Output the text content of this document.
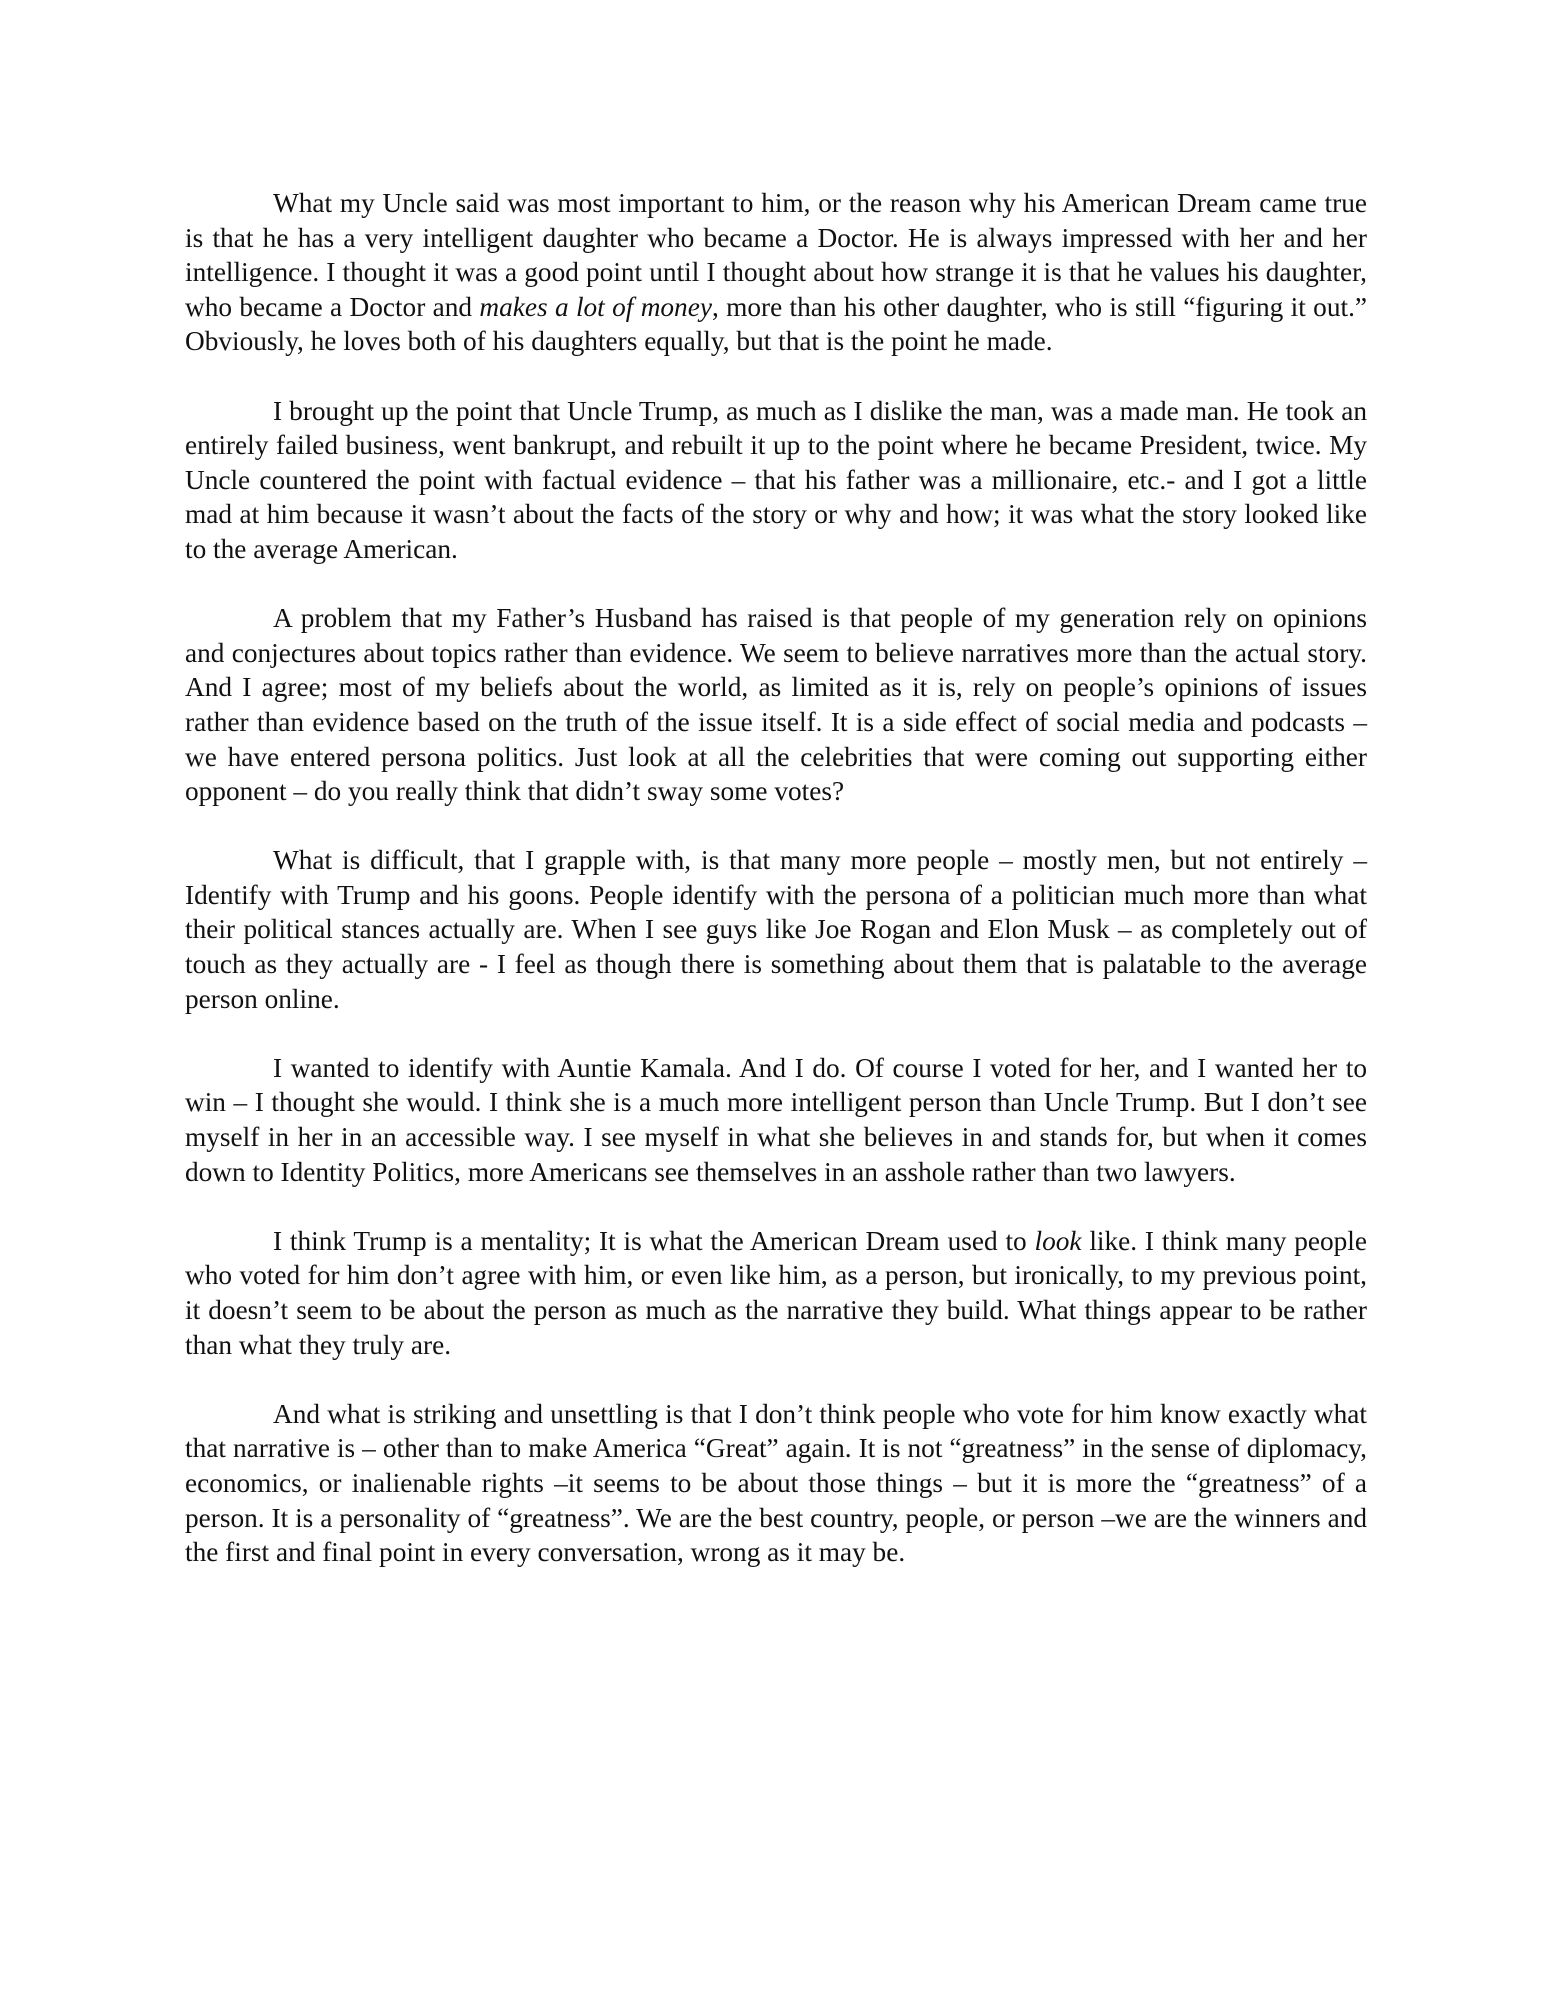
What my Uncle said was most important to him, or the reason why his American Dream came true is that he has a very intelligent daughter who became a Doctor. He is always impressed with her and her intelligence. I thought it was a good point until I thought about how strange it is that he values his daughter, who became a Doctor and makes a lot of money, more than his other daughter, who is still “figuring it out.” Obviously, he loves both of his daughters equally, but that is the point he made.

I brought up the point that Uncle Trump, as much as I dislike the man, was a made man. He took an entirely failed business, went bankrupt, and rebuilt it up to the point where he became President, twice. My Uncle countered the point with factual evidence – that his father was a millionaire, etc.- and I got a little mad at him because it wasn’t about the facts of the story or why and how; it was what the story looked like to the average American.

A problem that my Father’s Husband has raised is that people of my generation rely on opinions and conjectures about topics rather than evidence. We seem to believe narratives more than the actual story. And I agree; most of my beliefs about the world, as limited as it is, rely on people’s opinions of issues rather than evidence based on the truth of the issue itself. It is a side effect of social media and podcasts – we have entered persona politics. Just look at all the celebrities that were coming out supporting either opponent – do you really think that didn’t sway some votes?

What is difficult, that I grapple with, is that many more people – mostly men, but not entirely – Identify with Trump and his goons. People identify with the persona of a politician much more than what their political stances actually are. When I see guys like Joe Rogan and Elon Musk – as completely out of touch as they actually are - I feel as though there is something about them that is palatable to the average person online.

I wanted to identify with Auntie Kamala. And I do. Of course I voted for her, and I wanted her to win – I thought she would. I think she is a much more intelligent person than Uncle Trump. But I don’t see myself in her in an accessible way. I see myself in what she believes in and stands for, but when it comes down to Identity Politics, more Americans see themselves in an asshole rather than two lawyers.

I think Trump is a mentality; It is what the American Dream used to look like. I think many people who voted for him don’t agree with him, or even like him, as a person, but ironically, to my previous point, it doesn’t seem to be about the person as much as the narrative they build. What things appear to be rather than what they truly are.

And what is striking and unsettling is that I don’t think people who vote for him know exactly what that narrative is – other than to make America “Great” again. It is not “greatness” in the sense of diplomacy, economics, or inalienable rights –it seems to be about those things – but it is more the “greatness” of a person. It is a personality of “greatness”. We are the best country, people, or person –we are the winners and the first and final point in every conversation, wrong as it may be.
